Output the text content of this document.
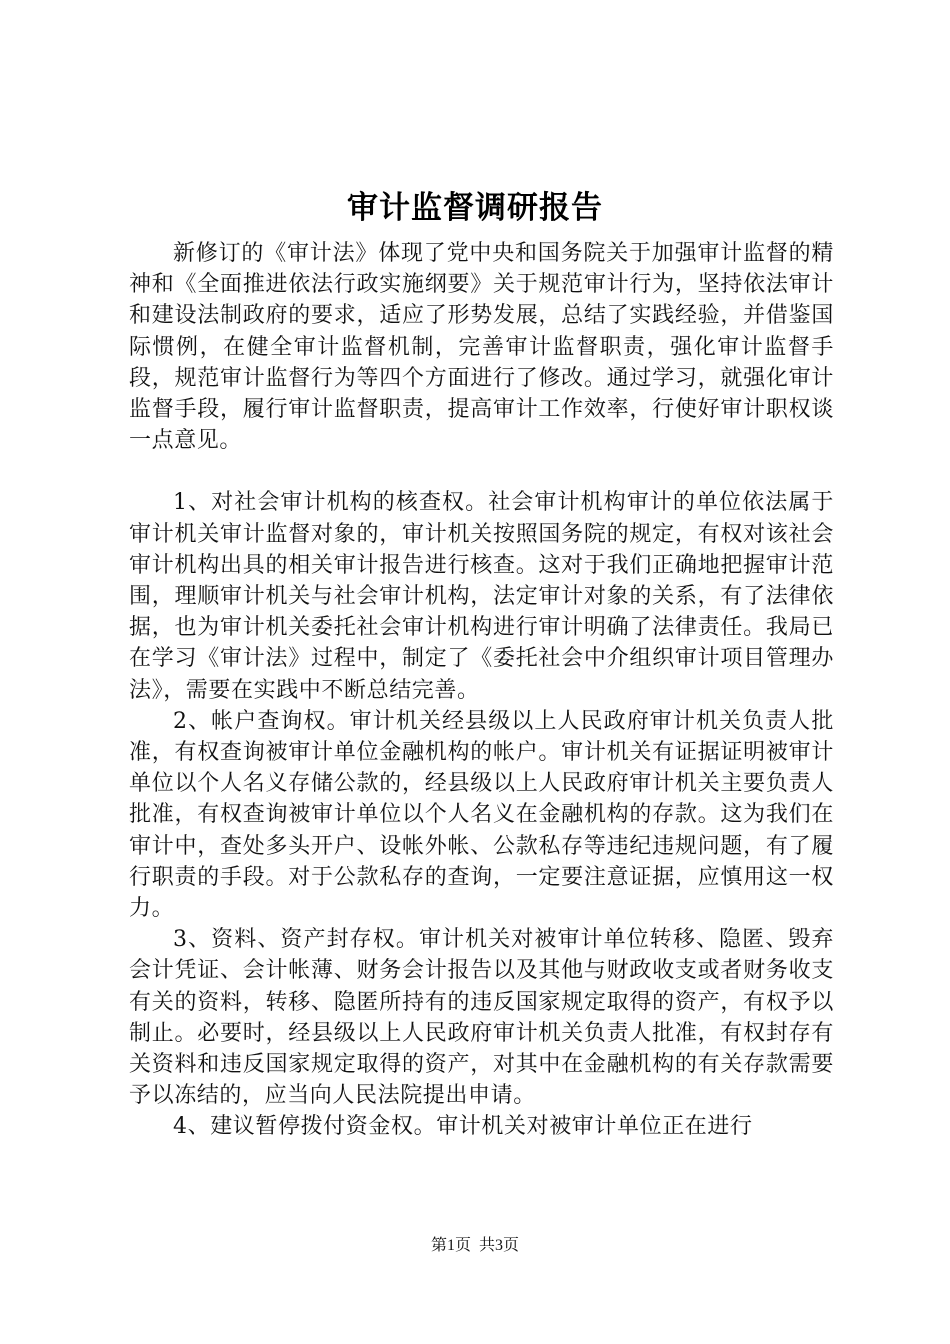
审计监督调研报告

新修订的《审计法》体现了党中央和国务院关于加强审计监督的精神和《全面推进依法行政实施纲要》关于规范审计行为，坚持依法审计和建设法制政府的要求，适应了形势发展，总结了实践经验，并借鉴国际惯例，在健全审计监督机制，完善审计监督职责，强化审计监督手段，规范审计监督行为等四个方面进行了修改。通过学习，就强化审计监督手段，履行审计监督职责，提高审计工作效率，行使好审计职权谈一点意见。

1、对社会审计机构的核查权。社会审计机构审计的单位依法属于审计机关审计监督对象的，审计机关按照国务院的规定，有权对该社会审计机构出具的相关审计报告进行核查。这对于我们正确地把握审计范围，理顺审计机关与社会审计机构，法定审计对象的关系，有了法律依据，也为审计机关委托社会审计机构进行审计明确了法律责任。我局已在学习《审计法》过程中，制定了《委托社会中介组织审计项目管理办法》，需要在实践中不断总结完善。

2、帐户查询权。审计机关经县级以上人民政府审计机关负责人批准，有权查询被审计单位金融机构的帐户。审计机关有证据证明被审计单位以个人名义存储公款的，经县级以上人民政府审计机关主要负责人批准，有权查询被审计单位以个人名义在金融机构的存款。这为我们在审计中，查处多头开户、设帐外帐、公款私存等违纪违规问题，有了履行职责的手段。对于公款私存的查询，一定要注意证据，应慎用这一权力。

3、资料、资产封存权。审计机关对被审计单位转移、隐匿、毁弃会计凭证、会计帐薄、财务会计报告以及其他与财政收支或者财务收支有关的资料，转移、隐匿所持有的违反国家规定取得的资产，有权予以制止。必要时，经县级以上人民政府审计机关负责人批准，有权封存有关资料和违反国家规定取得的资产，对其中在金融机构的有关存款需要予以冻结的，应当向人民法院提出申请。

4、建议暂停拨付资金权。审计机关对被审计单位正在进行

第1页 共3页
